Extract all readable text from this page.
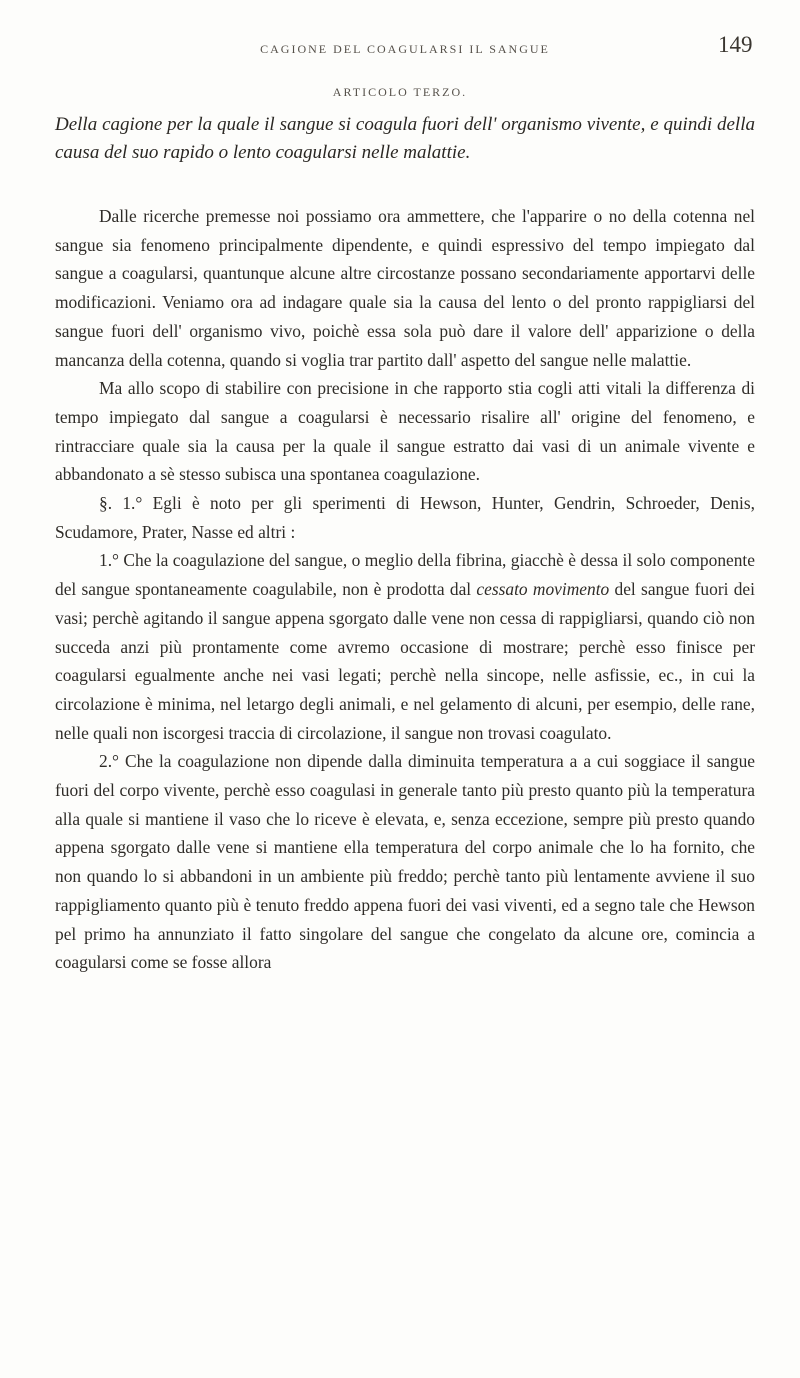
CAGIONE DEL COAGULARSI IL SANGUE	149
ARTICOLO TERZO.
Della cagione per la quale il sangue si coagula fuori dell' organismo vivente, e quindi della causa del suo rapido o lento coagularsi nelle malattie.

Dalle ricerche premesse noi possiamo ora ammettere, che l'apparire o no della cotenna nel sangue sia fenomeno principalmente dipendente, e quindi espressivo del tempo impiegato dal sangue a coagularsi, quantunque alcune altre circostanze possano secondariamente apportarvi delle modificazioni. Veniamo ora ad indagare quale sia la causa del lento o del pronto rappigliarsi del sangue fuori dell' organismo vivo, poichè essa sola può dare il valore dell' apparizione o della mancanza della cotenna, quando si voglia trar partito dall' aspetto del sangue nelle malattie.

Ma allo scopo di stabilire con precisione in che rapporto stia cogli atti vitali la differenza di tempo impiegato dal sangue a coagularsi è necessario risalire all' origine del fenomeno, e rintracciare quale sia la causa per la quale il sangue estratto dai vasi di un animale vivente e abbandonato a sè stesso subisca una spontanea coagulazione.

§. 1.° Egli è noto per gli sperimenti di Hewson, Hunter, Gendrin, Schroeder, Denis, Scudamore, Prater, Nasse ed altri :

1.° Che la coagulazione del sangue, o meglio della fibrina, giacchè è dessa il solo componente del sangue spontaneamente coagulabile, non è prodotta dal cessato movimento del sangue fuori dei vasi; perchè agitando il sangue appena sgorgato dalle vene non cessa di rappigliarsi, quando ciò non succeda anzi più prontamente come avremo occasione di mostrare; perchè esso finisce per coagularsi egualmente anche nei vasi legati; perchè nella sincope, nelle asfissie, ec., in cui la circolazione è minima, nel letargo degli animali, e nel gelamento di alcuni, per esempio, delle rane, nelle quali non iscorgesi traccia di circolazione, il sangue non trovasi coagulato.

2.° Che la coagulazione non dipende dalla diminuita temperatura a a cui soggiace il sangue fuori del corpo vivente, perchè esso coagulasi in generale tanto più presto quanto più la temperatura alla quale si mantiene il vaso che lo riceve è elevata, e, senza eccezione, sempre più presto quando appena sgorgato dalle vene si mantiene ella temperatura del corpo animale che lo ha fornito, che non quando lo si abbandoni in un ambiente più freddo; perchè tanto più lentamente avviene il suo rappigliamento quanto più è tenuto freddo appena fuori dei vasi viventi, ed a segno tale che Hewson pel primo ha annunziato il fatto singolare del sangue che congelato da alcune ore, comincia a coagularsi come se fosse allora
